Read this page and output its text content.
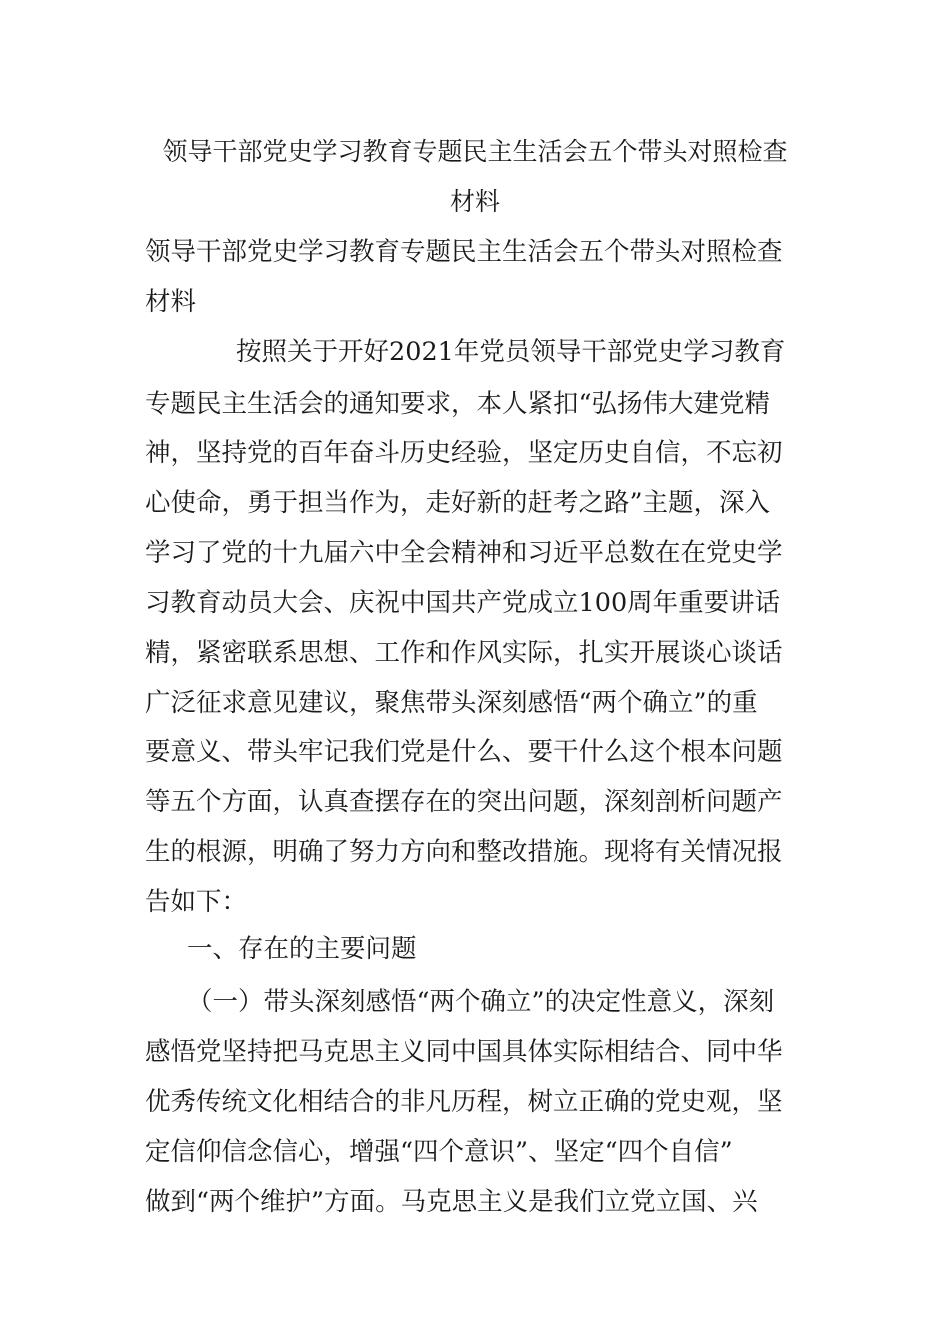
领导干部党史学习教育专题民主生活会五个带头对照检查
材料
领导干部党史学习教育专题民主生活会五个带头对照检查
材料
按照关于开好2021年党员领导干部党史学习教育
专题民主生活会的通知要求，本人紧扣“弘扬伟大建党精
神，坚持党的百年奋斗历史经验，坚定历史自信，不忘初
心使命，勇于担当作为，走好新的赶考之路”主题，深入
学习了党的十九届六中全会精神和习近平总数在在党史学
习教育动员大会、庆祝中国共产党成立100周年重要讲话
精，紧密联系思想、工作和作风实际，扎实开展谈心谈话
广泛征求意见建议，聚焦带头深刻感悟“两个确立”的重
要意义、带头牢记我们党是什么、要干什么这个根本问题
等五个方面，认真查摆存在的突出问题，深刻剖析问题产
生的根源，明确了努力方向和整改措施。现将有关情况报
告如下：
一、存在的主要问题
（一）带头深刻感悟“两个确立”的决定性意义，深刻
感悟党坚持把马克思主义同中国具体实际相结合、同中华
优秀传统文化相结合的非凡历程，树立正确的党史观，坚
定信仰信念信心，增强“四个意识”、坚定“四个自信”
做到“两个维护”方面。马克思主义是我们立党立国、兴
